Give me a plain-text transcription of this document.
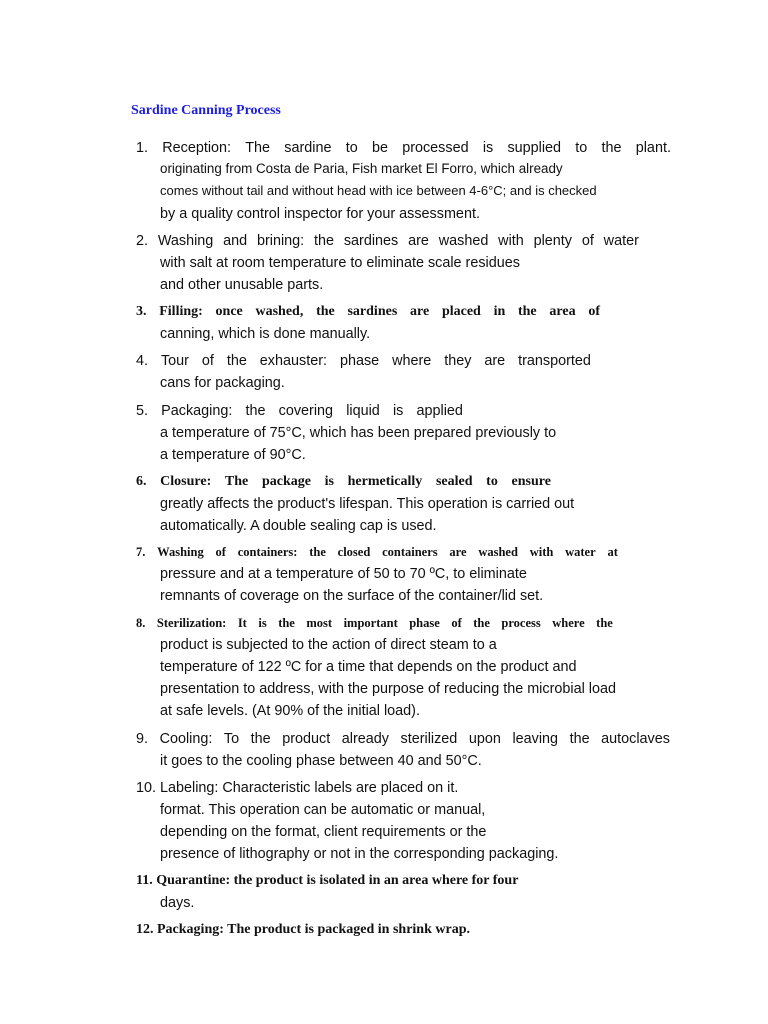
Sardine Canning Process
1. Reception: The sardine to be processed is supplied to the plant.
originating from Costa de Paria, Fish market El Forro, which already
comes without tail and without head with ice between 4-6°C; and is checked
by a quality control inspector for your assessment.
2. Washing and brining: the sardines are washed with plenty of water
with salt at room temperature to eliminate scale residues
and other unusable parts.
3. Filling: once washed, the sardines are placed in the area of
canning, which is done manually.
4. Tour of the exhauster: phase where they are transported
cans for packaging.
5. Packaging: the covering liquid is applied
a temperature of 75°C, which has been prepared previously to
a temperature of 90°C.
6. Closure: The package is hermetically sealed to ensure
greatly affects the product's lifespan. This operation is carried out
automatically. A double sealing cap is used.
7. Washing of containers: the closed containers are washed with water at
pressure and at a temperature of 50 to 70 ºC, to eliminate
remnants of coverage on the surface of the container/lid set.
8. Sterilization: It is the most important phase of the process where the
product is subjected to the action of direct steam to a
temperature of 122 ºC for a time that depends on the product and
presentation to address, with the purpose of reducing the microbial load
at safe levels. (At 90% of the initial load).
9. Cooling: To the product already sterilized upon leaving the autoclaves
it goes to the cooling phase between 40 and 50°C.
10. Labeling: Characteristic labels are placed on it.
format. This operation can be automatic or manual,
depending on the format, client requirements or the
presence of lithography or not in the corresponding packaging.
11. Quarantine: the product is isolated in an area where for four
days.
12. Packaging: The product is packaged in shrink wrap.
